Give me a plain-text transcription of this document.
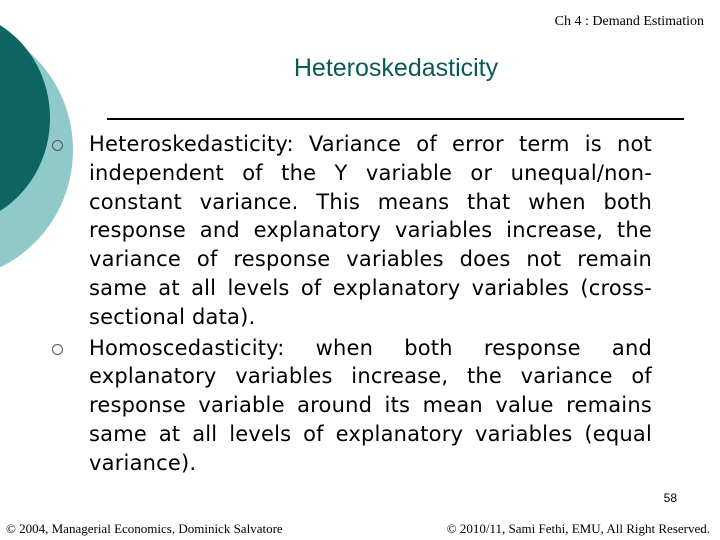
Ch 4 : Demand Estimation
Heteroskedasticity

Heteroskedasticity: Variance of error term is not independent of the Y variable or unequal/non-constant variance. This means that when both response and explanatory variables increase, the variance of response variables does not remain same at all levels of explanatory variables (cross-sectional data).

Homoscedasticity: when both response and explanatory variables increase, the variance of response variable around its mean value remains same at all levels of explanatory variables (equal variance).

58
© 2004, Managerial Economics, Dominick Salvatore	© 2010/11, Sami Fethi, EMU, All Right Reserved.
